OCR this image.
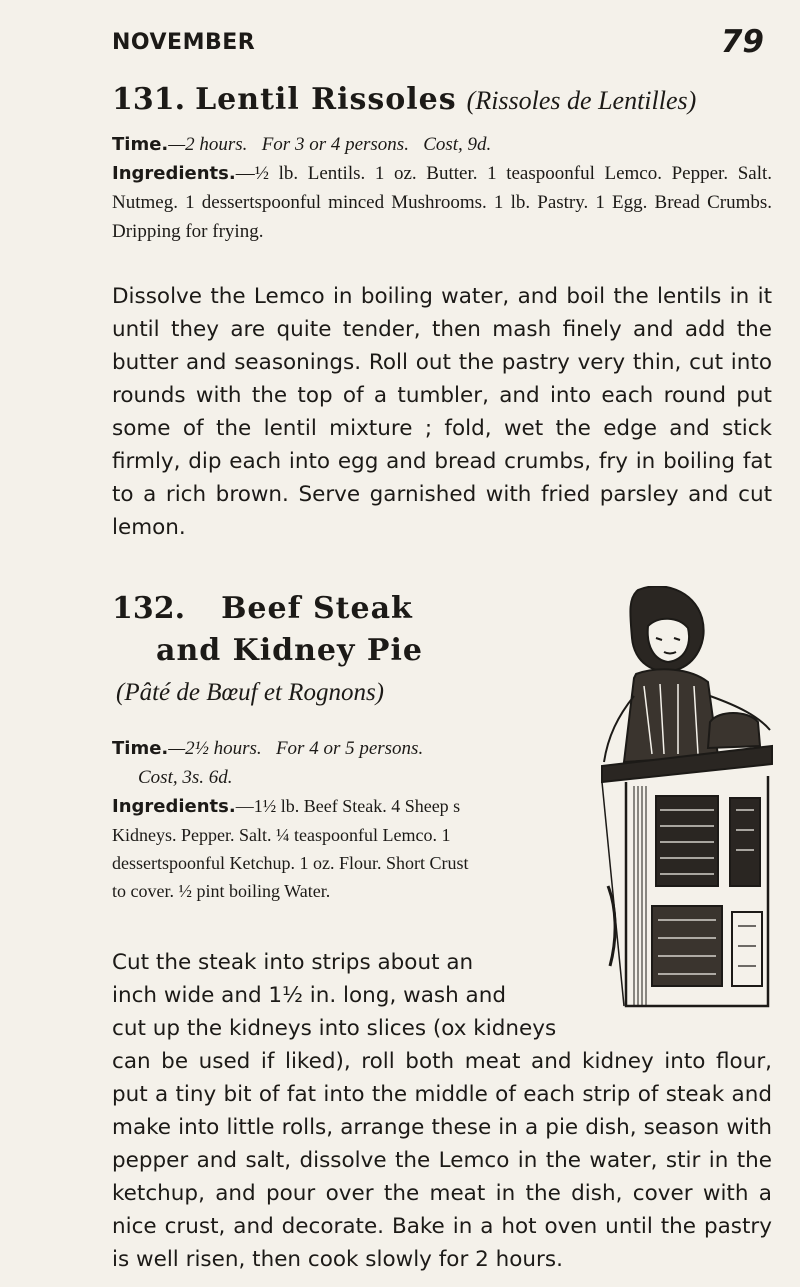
NOVEMBER	79
131. Lentil Rissoles (Rissoles de Lentilles)
Time.—2 hours. For 3 or 4 persons. Cost, 9d.
Ingredients.—½ lb. Lentils. 1 oz. Butter. 1 teaspoonful Lemco. Pepper. Salt. Nutmeg. 1 dessertspoonful minced Mushrooms. 1 lb. Pastry. 1 Egg. Bread Crumbs. Dripping for frying.
Dissolve the Lemco in boiling water, and boil the lentils in it until they are quite tender, then mash finely and add the butter and seasonings. Roll out the pastry very thin, cut into rounds with the top of a tumbler, and into each round put some of the lentil mixture ; fold, wet the edge and stick firmly, dip each into egg and bread crumbs, fry in boiling fat to a rich brown. Serve garnished with fried parsley and cut lemon.
132. Beef Steak
and Kidney Pie
(Pâté de Bœuf et Rognons)
Time.—2½ hours. For 4 or 5 persons.
Cost, 3s. 6d.
Ingredients.—1½ lb. Beef Steak. 4 Sheep s Kidneys. Pepper. Salt. ¼ teaspoonful Lemco. 1 dessertspoonful Ketchup. 1 oz. Flour. Short Crust to cover. ½ pint boiling Water.
Cut the steak into strips about an
inch wide and 1½ in. long, wash and
cut up the kidneys into slices (ox kidneys
can be used if liked), roll both meat and kidney into flour, put a tiny bit of fat into the middle of each strip of steak and make into little rolls, arrange these in a pie dish, season with pepper and salt, dissolve the Lemco in the water, stir in the ketchup, and pour over the meat in the dish, cover with a nice crust, and decorate. Bake in a hot oven until the pastry is well risen, then cook slowly for 2 hours.
